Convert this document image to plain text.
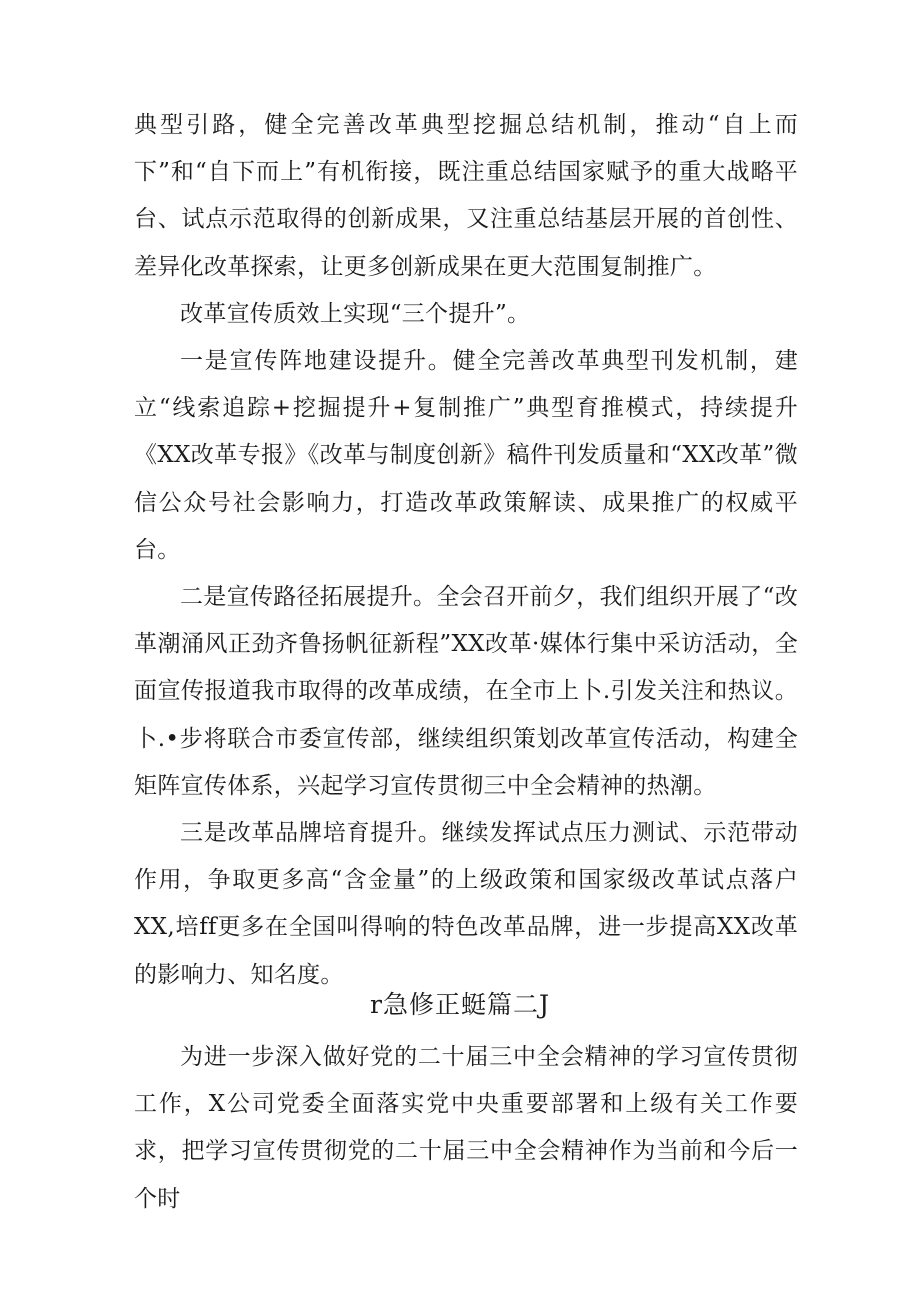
典型引路，健全完善改革典型挖掘总结机制，推动“自上而下”和“自下而上”有机衔接，既注重总结国家赋予的重大战略平台、试点示范取得的创新成果，又注重总结基层开展的首创性、差异化改革探索，让更多创新成果在更大范围复制推广。

改革宣传质效上实现“三个提升”。

一是宣传阵地建设提升。健全完善改革典型刊发机制，建立“线索追踪+挖掘提升+复制推广”典型育推模式，持续提升《XX改革专报》《改革与制度创新》稿件刊发质量和“XX改革”微信公众号社会影响力，打造改革政策解读、成果推广的权威平台。

二是宣传路径拓展提升。全会召开前夕，我们组织开展了“改革潮涌风正劲齐鲁扬帆征新程”XX改革·媒体行集中采访活动，全面宣传报道我市取得的改革成绩，在全市上卜.引发关注和热议。卜.•步将联合市委宣传部，继续组织策划改革宣传活动，构建全矩阵宣传体系，兴起学习宣传贯彻三中全会精神的热潮。

三是改革品牌培育提升。继续发挥试点压力测试、示范带动作用，争取更多高“含金量”的上级政策和国家级改革试点落户XX,培ff更多在全国叫得响的特色改革品牌，进一步提高XX改革的影响力、知名度。

r急修正蜓篇二J

为进一步深入做好党的二十届三中全会精神的学习宣传贯彻工作，X公司党委全面落实党中央重要部署和上级有关工作要求，把学习宣传贯彻党的二十届三中全会精神作为当前和今后一个时
